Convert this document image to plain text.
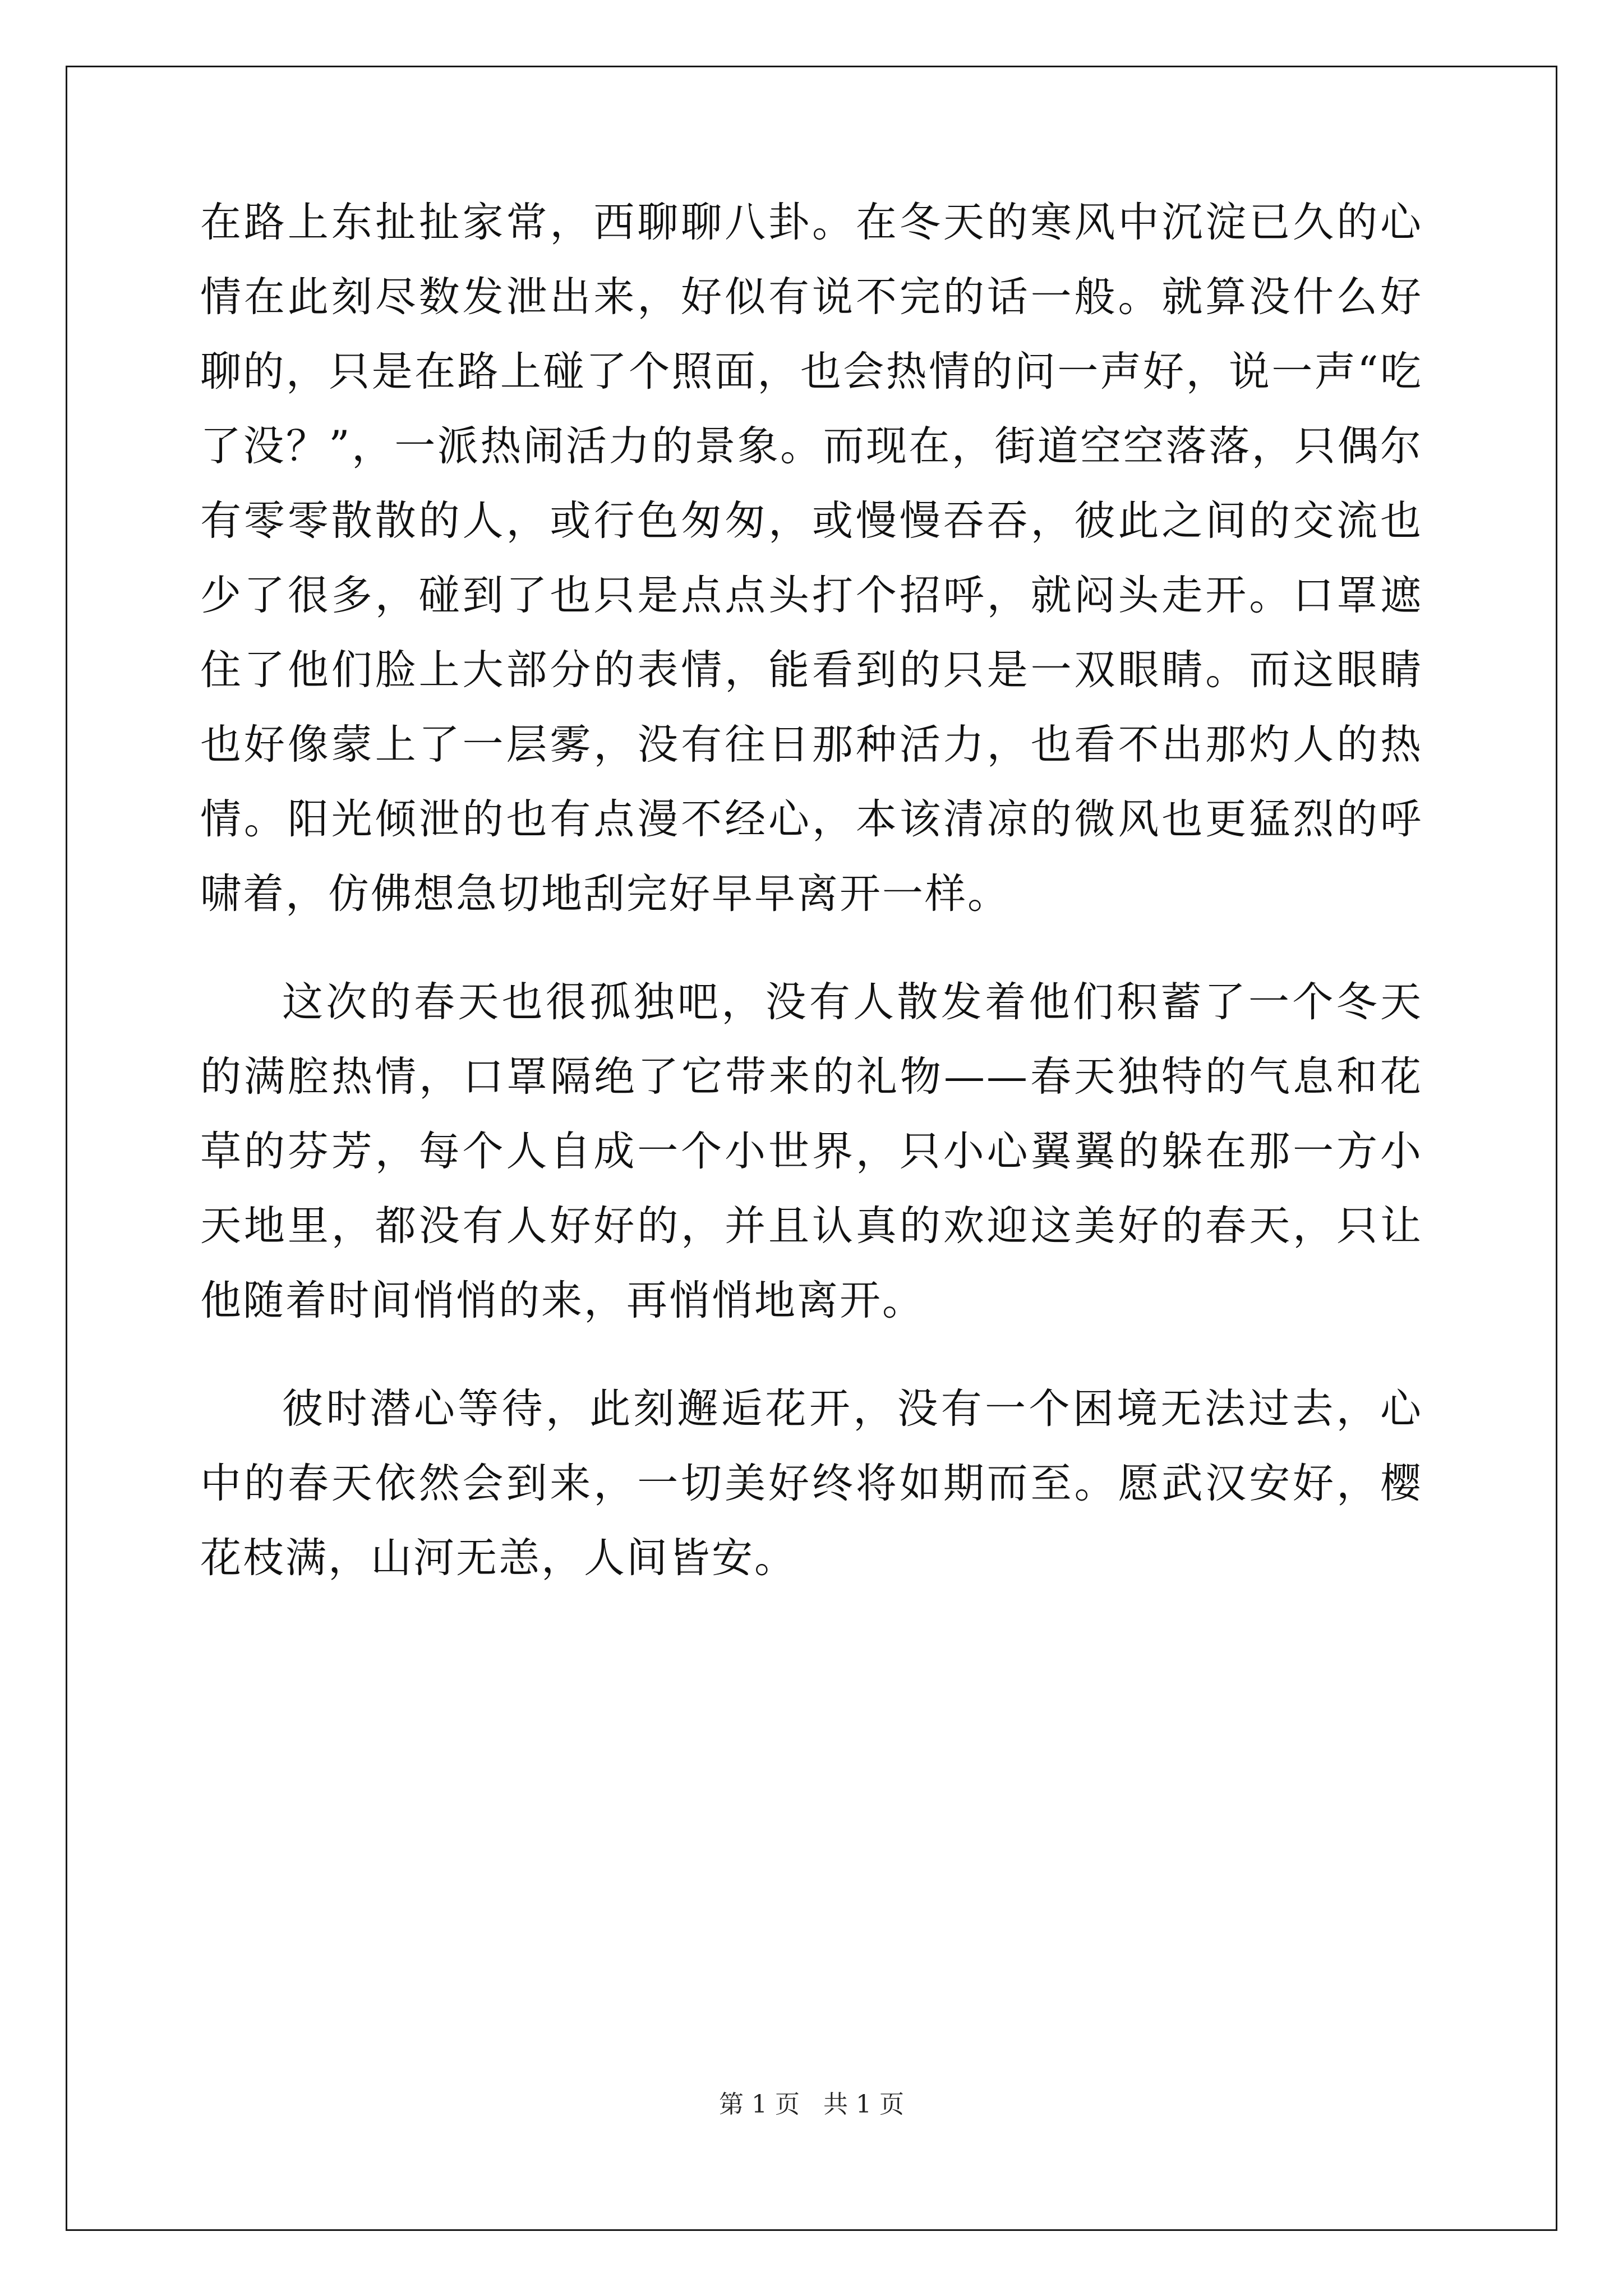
在路上东扯扯家常，西聊聊八卦。在冬天的寒风中沉淀已久的心情在此刻尽数发泄出来，好似有说不完的话一般。就算没什么好聊的，只是在路上碰了个照面，也会热情的问一声好，说一声“吃了没？”，一派热闹活力的景象。而现在，街道空空落落，只偶尔有零零散散的人，或行色匆匆，或慢慢吞吞，彼此之间的交流也少了很多，碰到了也只是点点头打个招呼，就闷头走开。口罩遮住了他们脸上大部分的表情，能看到的只是一双眼睛。而这眼睛也好像蒙上了一层雾，没有往日那种活力，也看不出那灼人的热情。阳光倾泄的也有点漫不经心，本该清凉的微风也更猛烈的呼啸着，仿佛想急切地刮完好早早离开一样。

这次的春天也很孤独吧，没有人散发着他们积蓄了一个冬天的满腔热情，口罩隔绝了它带来的礼物——春天独特的气息和花草的芬芳，每个人自成一个小世界，只小心翼翼的躲在那一方小天地里，都没有人好好的，并且认真的欢迎这美好的春天，只让他随着时间悄悄的来，再悄悄地离开。

彼时潜心等待，此刻邂逅花开，没有一个困境无法过去，心中的春天依然会到来，一切美好终将如期而至。愿武汉安好，樱花枝满，山河无恙，人间皆安。

第 1 页   共 1 页
